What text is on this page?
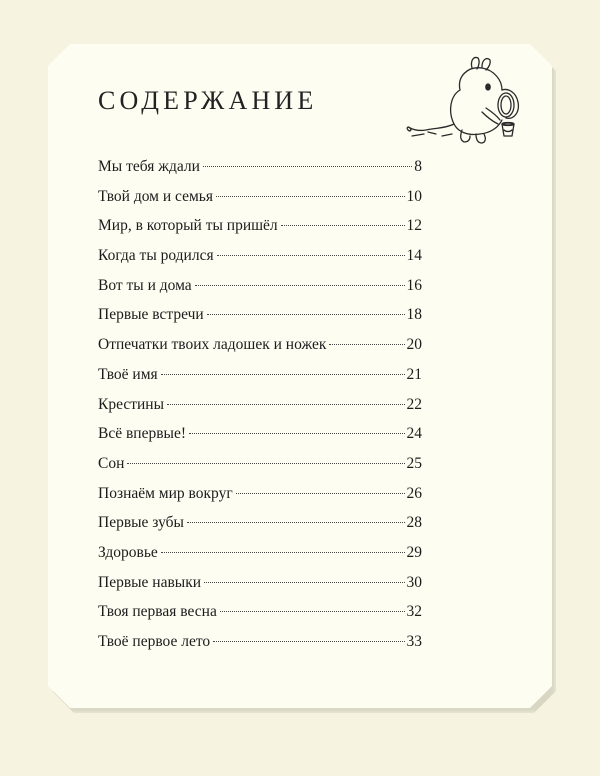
СОДЕРЖАНИЕ
Мы тебя ждали	8
Твой дом и семья	10
Мир, в который ты пришёл	12
Когда ты родился	14
Вот ты и дома	16
Первые встречи	18
Отпечатки твоих ладошек и ножек	20
Твоё имя	21
Крестины	22
Всё впервые!	24
Сон	25
Познаём мир вокруг	26
Первые зубы	28
Здоровье	29
Первые навыки	30
Твоя первая весна	32
Твоё первое лето	33
